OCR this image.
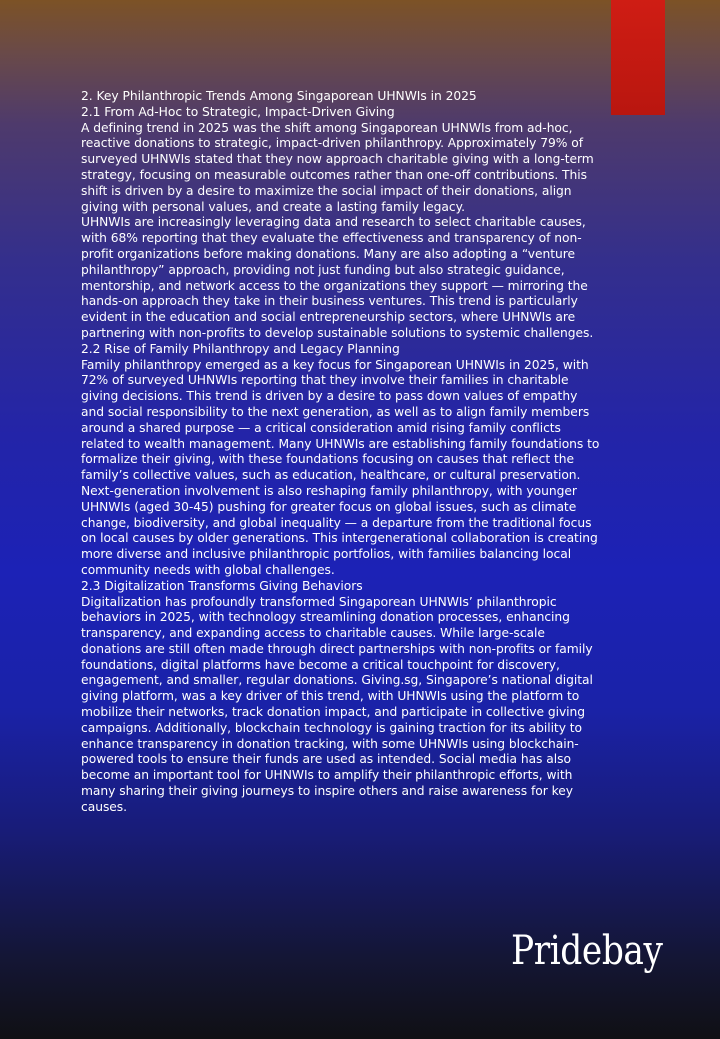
2. Key Philanthropic Trends Among Singaporean UHNWIs in 2025
2.1 From Ad-Hoc to Strategic, Impact-Driven Giving

A defining trend in 2025 was the shift among Singaporean UHNWIs from ad-hoc, reactive donations to strategic, impact-driven philanthropy. Approximately 79% of surveyed UHNWIs stated that they now approach charitable giving with a long-term strategy, focusing on measurable outcomes rather than one-off contributions. This shift is driven by a desire to maximize the social impact of their donations, align giving with personal values, and create a lasting family legacy.

UHNWIs are increasingly leveraging data and research to select charitable causes, with 68% reporting that they evaluate the effectiveness and transparency of non-profit organizations before making donations. Many are also adopting a “venture philanthropy” approach, providing not just funding but also strategic guidance, mentorship, and network access to the organizations they support — mirroring the hands-on approach they take in their business ventures. This trend is particularly evident in the education and social entrepreneurship sectors, where UHNWIs are partnering with non-profits to develop sustainable solutions to systemic challenges.

2.2 Rise of Family Philanthropy and Legacy Planning

Family philanthropy emerged as a key focus for Singaporean UHNWIs in 2025, with 72% of surveyed UHNWIs reporting that they involve their families in charitable giving decisions. This trend is driven by a desire to pass down values of empathy and social responsibility to the next generation, as well as to align family members around a shared purpose — a critical consideration amid rising family conflicts related to wealth management. Many UHNWIs are establishing family foundations to formalize their giving, with these foundations focusing on causes that reflect the family’s collective values, such as education, healthcare, or cultural preservation.

Next-generation involvement is also reshaping family philanthropy, with younger UHNWIs (aged 30-45) pushing for greater focus on global issues, such as climate change, biodiversity, and global inequality — a departure from the traditional focus on local causes by older generations. This intergenerational collaboration is creating more diverse and inclusive philanthropic portfolios, with families balancing local community needs with global challenges.

2.3 Digitalization Transforms Giving Behaviors

Digitalization has profoundly transformed Singaporean UHNWIs’ philanthropic behaviors in 2025, with technology streamlining donation processes, enhancing transparency, and expanding access to charitable causes. While large-scale donations are still often made through direct partnerships with non-profits or family foundations, digital platforms have become a critical touchpoint for discovery, engagement, and smaller, regular donations. Giving.sg, Singapore’s national digital giving platform, was a key driver of this trend, with UHNWIs using the platform to mobilize their networks, track donation impact, and participate in collective giving campaigns. Additionally, blockchain technology is gaining traction for its ability to enhance transparency in donation tracking, with some UHNWIs using blockchain-powered tools to ensure their funds are used as intended. Social media has also become an important tool for UHNWIs to amplify their philanthropic efforts, with many sharing their giving journeys to inspire others and raise awareness for key causes.

Pridebay
